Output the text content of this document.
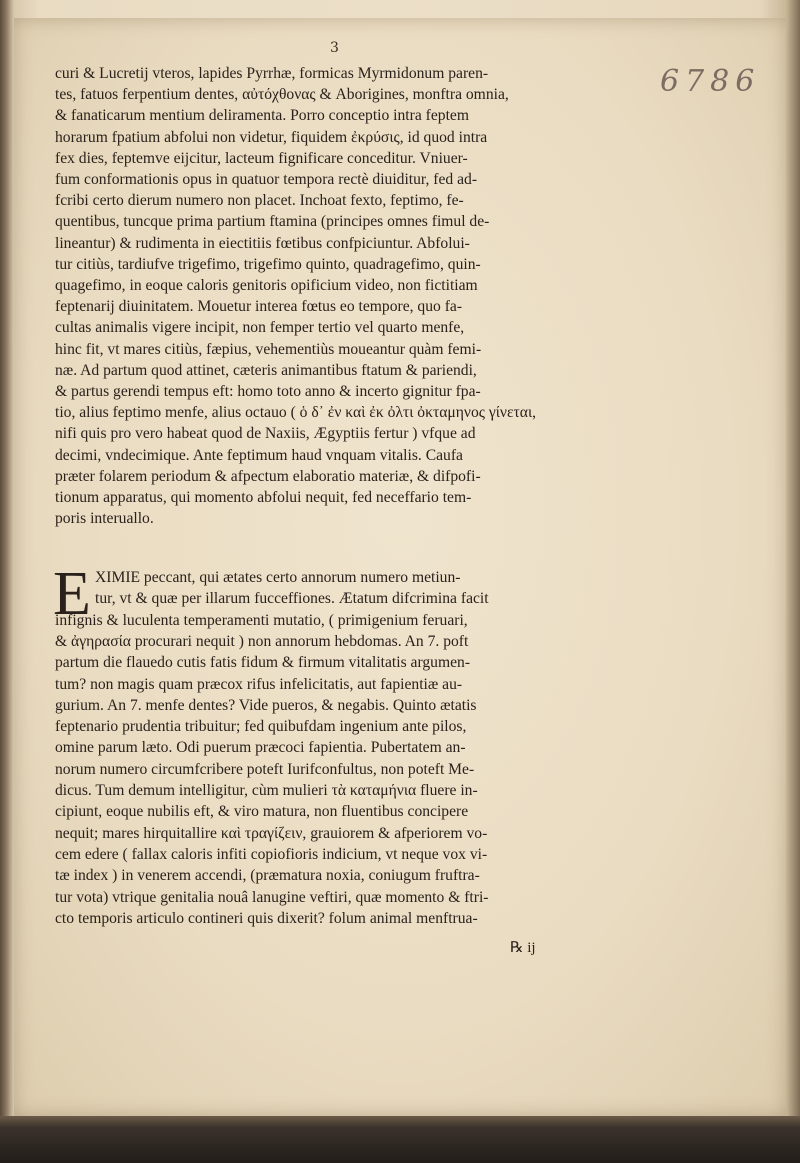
3
6786
curi & Lucretij vteros, lapides Pyrrhæ, formicas Myrmidonum paren-
tes, fatuos ferpentium dentes, αὐτόχθονας & Aborigines, monftra omnia,
& fanaticarum mentium deliramenta. Porro conceptio intra feptem
horarum fpatium abfolui non videtur, fiquidem ἐκρύσις, id quod intra
fex dies, feptemve eijcitur, lacteum fignificare conceditur. Vniuer-
fum conformationis opus in quatuor tempora rectè diuiditur, fed ad-
fcribi certo dierum numero non placet. Inchoat fexto, feptimo, fe-
quentibus, tuncque prima partium ftamina (principes omnes fimul de-
lineantur) & rudimenta in eiectitiis fœtibus confpiciuntur. Abfolui-
tur citiùs, tardiufve trigefimo, trigefimo quinto, quadragefimo, quin-
quagefimo, in eoque caloris genitoris opificium video, non fictitiam
feptenarij diuinitatem. Mouetur interea fœtus eo tempore, quo fa-
cultas animalis vigere incipit, non femper tertio vel quarto menfe,
hinc fit, vt mares citiùs, fæpius, vehementiùs moueantur quàm femi-
næ. Ad partum quod attinet, cæteris animantibus ftatum & pariendi,
& partus gerendi tempus eft: homo toto anno & incerto gignitur fpa-
tio, alius feptimo menfe, alius octauo ( ὁ δ᾽ ἐν καὶ ἐκ ὀλτι ὀκταμηνος γίνεται,
nifi quis pro vero habeat quod de Naxiis, Ægyptiis fertur ) vfque ad
decimi, vndecimique. Ante feptimum haud vnquam vitalis. Caufa
præter folarem periodum & afpectum elaboratio materiæ, & difpofi-
tionum apparatus, qui momento abfolui nequit, fed neceffario tem-
poris interuallo.
E XIMIE peccant, qui ætates certo annorum numero metiun-
tur, vt & quæ per illarum fucceffiones. Ætatum difcrimina facit
infignis & luculenta temperamenti mutatio, ( primigenium feruari,
& ἀγηρασία procurari nequit ) non annorum hebdomas. An 7. poft
partum die flauedo cutis fatis fidum & firmum vitalitatis argumen-
tum? non magis quam præcox rifus infelicitatis, aut fapientiæ au-
gurium. An 7. menfe dentes? Vide pueros, & negabis. Quinto ætatis
feptenario prudentia tribuitur; fed quibufdam ingenium ante pilos,
omine parum læto. Odi puerum præcoci fapientia. Pubertatem an-
norum numero circumfcribere poteft Iurifconfultus, non poteft Me-
dicus. Tum demum intelligitur, cùm mulieri τὰ καταμήνια fluere in-
cipiunt, eoque nubilis eft, & viro matura, non fluentibus concipere
nequit; mares hirquitallire καὶ τραγίζειν, grauiorem & afperiorem vo-
cem edere ( fallax caloris infiti copiofioris indicium, vt neque vox vi-
tæ index ) in venerem accendi, (præmatura noxia, coniugum fruftra-
tur vota) vtrique genitalia nouâ lanugine veftiri, quæ momento & ftri-
cto temporis articulo contineri quis dixerit? folum animal menftrua-
℞ ij
